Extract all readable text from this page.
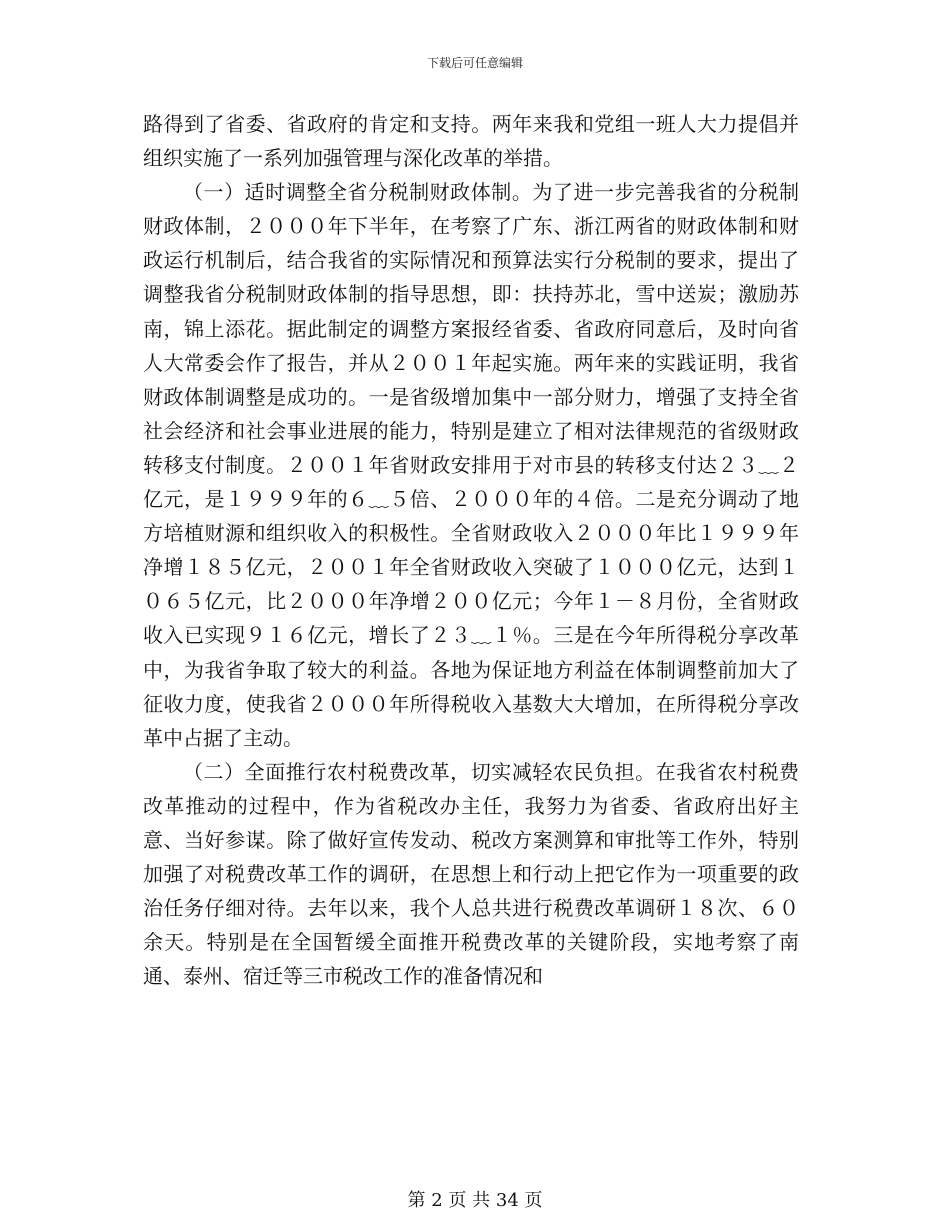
下载后可任意编辑

路得到了省委、省政府的肯定和支持。两年来我和党组一班人大力提倡并组织实施了一系列加强管理与深化改革的举措。

（一）适时调整全省分税制财政体制。为了进一步完善我省的分税制财政体制，２０００年下半年，在考察了广东、浙江两省的财政体制和财政运行机制后，结合我省的实际情况和预算法实行分税制的要求，提出了调整我省分税制财政体制的指导思想，即：扶持苏北，雪中送炭；激励苏南，锦上添花。据此制定的调整方案报经省委、省政府同意后，及时向省人大常委会作了报告，并从２００１年起实施。两年来的实践证明，我省财政体制调整是成功的。一是省级增加集中一部分财力，增强了支持全省社会经济和社会事业进展的能力，特别是建立了相对法律规范的省级财政转移支付制度。２００１年省财政安排用于对市县的转移支付达２３﹏２亿元，是１９９９年的６﹏５倍、２０００年的４倍。二是充分调动了地方培植财源和组织收入的积极性。全省财政收入２０００年比１９９９年净增１８５亿元，２００１年全省财政收入突破了１０００亿元，达到１０６５亿元，比２０００年净增２００亿元；今年１－８月份，全省财政收入已实现９１６亿元，增长了２３﹏１％。三是在今年所得税分享改革中，为我省争取了较大的利益。各地为保证地方利益在体制调整前加大了征收力度，使我省２０００年所得税收入基数大大增加，在所得税分享改革中占据了主动。

（二）全面推行农村税费改革，切实减轻农民负担。在我省农村税费改革推动的过程中，作为省税改办主任，我努力为省委、省政府出好主意、当好参谋。除了做好宣传发动、税改方案测算和审批等工作外，特别加强了对税费改革工作的调研，在思想上和行动上把它作为一项重要的政治任务仔细对待。去年以来，我个人总共进行税费改革调研１８次、６０余天。特别是在全国暂缓全面推开税费改革的关键阶段，实地考察了南通、泰州、宿迁等三市税改工作的准备情况和

第 2 页 共 34 页
